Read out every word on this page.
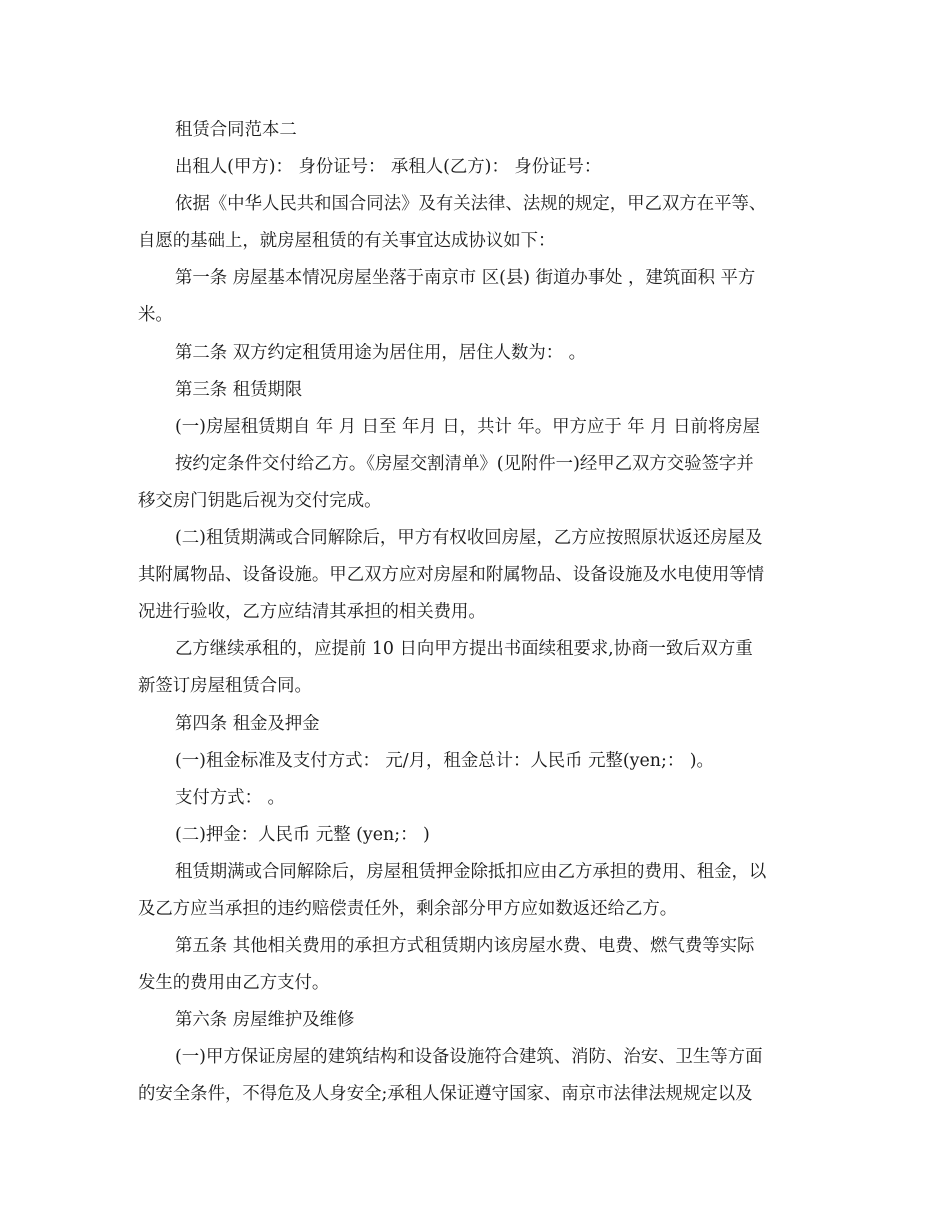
租赁合同范本二
出租人(甲方)： 身份证号： 承租人(乙方)： 身份证号：
依据《中华人民共和国合同法》及有关法律、法规的规定，甲乙双方在平等、
自愿的基础上，就房屋租赁的有关事宜达成协议如下：
第一条 房屋基本情况房屋坐落于南京市 区(县) 街道办事处 ，建筑面积 平方
米。
第二条 双方约定租赁用途为居住用，居住人数为： 。
第三条 租赁期限
(一)房屋租赁期自 年 月 日至 年月 日，共计 年。甲方应于 年 月 日前将房屋
按约定条件交付给乙方。《房屋交割清单》(见附件一)经甲乙双方交验签字并
移交房门钥匙后视为交付完成。
(二)租赁期满或合同解除后，甲方有权收回房屋，乙方应按照原状返还房屋及
其附属物品、设备设施。甲乙双方应对房屋和附属物品、设备设施及水电使用等情
况进行验收，乙方应结清其承担的相关费用。
乙方继续承租的，应提前 10 日向甲方提出书面续租要求,协商一致后双方重
新签订房屋租赁合同。
第四条 租金及押金
(一)租金标准及支付方式： 元/月，租金总计：人民币 元整(yen;： )。
支付方式： 。
(二)押金：人民币 元整 (yen;： )
租赁期满或合同解除后，房屋租赁押金除抵扣应由乙方承担的费用、租金，以
及乙方应当承担的违约赔偿责任外，剩余部分甲方应如数返还给乙方。
第五条 其他相关费用的承担方式租赁期内该房屋水费、电费、燃气费等实际
发生的费用由乙方支付。
第六条 房屋维护及维修
(一)甲方保证房屋的建筑结构和设备设施符合建筑、消防、治安、卫生等方面
的安全条件，不得危及人身安全;承租人保证遵守国家、南京市法律法规规定以及
